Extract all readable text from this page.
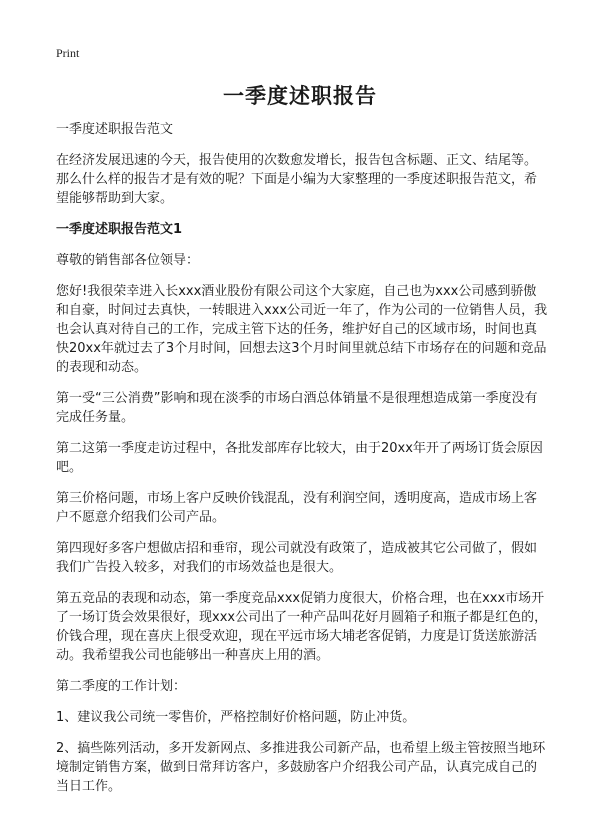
Print
一季度述职报告

一季度述职报告范文

在经济发展迅速的今天，报告使用的次数愈发增长，报告包含标题、正文、结尾等。那么什么样的报告才是有效的呢？下面是小编为大家整理的一季度述职报告范文，希望能够帮助到大家。

一季度述职报告范文1

尊敬的销售部各位领导：

您好!我很荣幸进入长xxx酒业股份有限公司这个大家庭，自己也为xxx公司感到骄傲和自豪，时间过去真快，一转眼进入xxx公司近一年了，作为公司的一位销售人员，我也会认真对待自己的工作，完成主管下达的任务，维护好自己的区域市场，时间也真快20xx年就过去了3个月时间，回想去这3个月时间里就总结下市场存在的问题和竞品的表现和动态。

第一受“三公消费”影响和现在淡季的市场白酒总体销量不是很理想造成第一季度没有完成任务量。

第二这第一季度走访过程中，各批发部库存比较大，由于20xx年开了两场订货会原因吧。

第三价格问题，市场上客户反映价钱混乱，没有利润空间，透明度高，造成市场上客户不愿意介绍我们公司产品。

第四现好多客户想做店招和垂帘，现公司就没有政策了，造成被其它公司做了，假如我们广告投入较多，对我们的市场效益也是很大。

第五竞品的表现和动态，第一季度竞品xxx促销力度很大，价格合理，也在xxx市场开了一场订货会效果很好，现xxx公司出了一种产品叫花好月圆箱子和瓶子都是红色的，价钱合理，现在喜庆上很受欢迎，现在平远市场大埔老客促销，力度是订货送旅游活动。我希望我公司也能够出一种喜庆上用的酒。

第二季度的工作计划：

1、建议我公司统一零售价，严格控制好价格问题，防止冲货。

2、搞些陈列活动，多开发新网点、多推进我公司新产品，也希望上级主管按照当地环境制定销售方案，做到日常拜访客户，多鼓励客户介绍我公司产品，认真完成自己的当日工作。
